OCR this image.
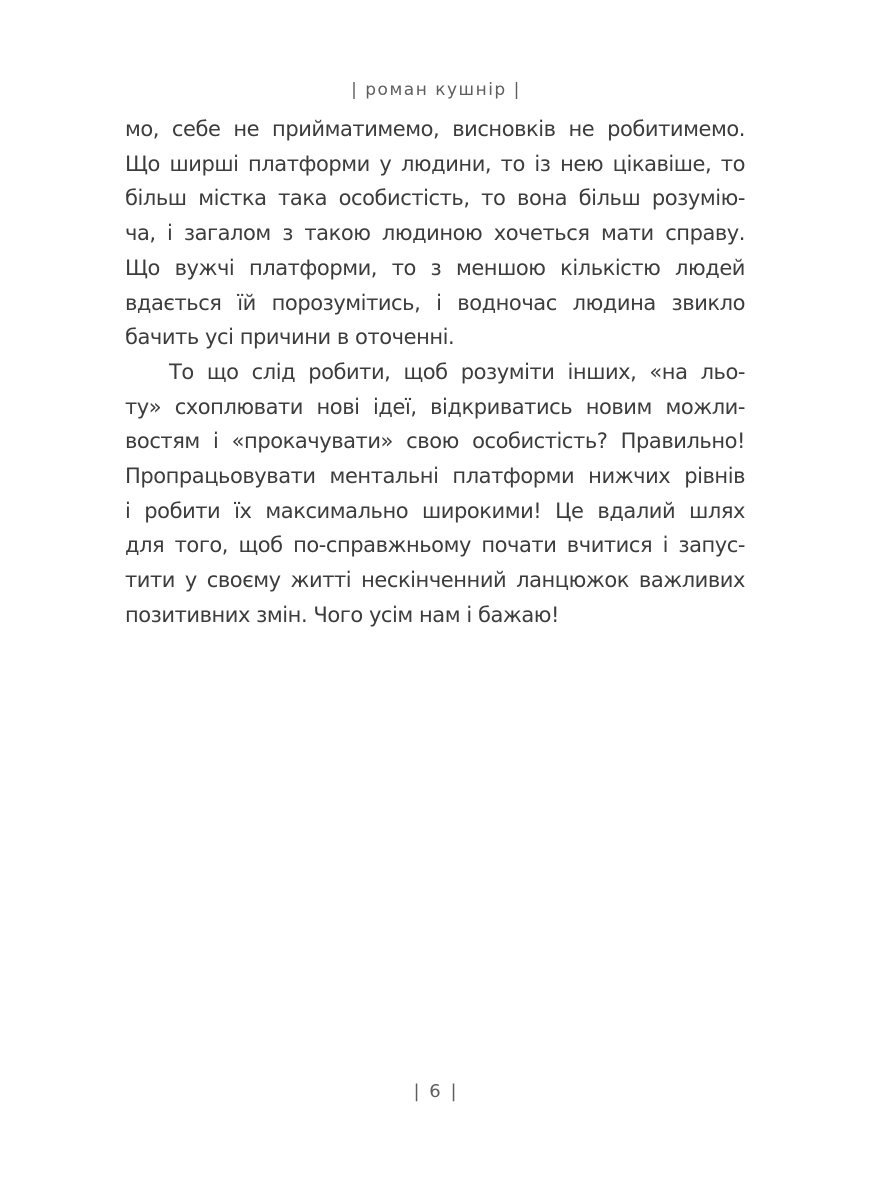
| роман кушнір |
мо, себе не прийматимемо, висновків не робитимемо.
Що ширші платформи у людини, то із нею цікавіше, то
більш містка така особистість, то вона більш розумію-
ча, і загалом з такою людиною хочеться мати справу.
Що вужчі платформи, то з меншою кількістю людей
вдається їй порозумітись, і водночас людина звикло
бачить усі причини в оточенні.
То що слід робити, щоб розуміти інших, «на льо-
ту» схоплювати нові ідеї, відкриватись новим можли-
востям і «прокачувати» свою особистість? Правильно!
Пропрацьовувати ментальні платформи нижчих рівнів
і робити їх максимально широкими! Це вдалий шлях
для того, щоб по-справжньому почати вчитися і запус-
тити у своєму житті нескінченний ланцюжок важливих
позитивних змін. Чого усім нам і бажаю!
| 6 |
